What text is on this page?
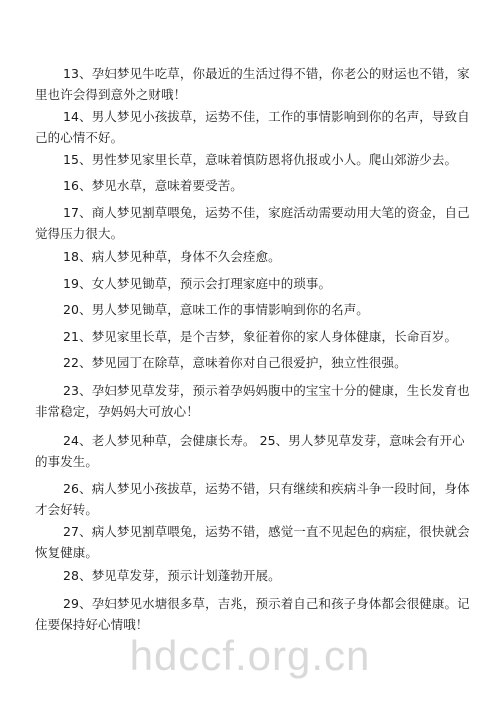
13、孕妇梦见牛吃草，你最近的生活过得不错，你老公的财运也不错，家里也许会得到意外之财哦！

14、男人梦见小孩拔草，运势不佳，工作的事情影响到你的名声，导致自己的心情不好。

15、男性梦见家里长草，意味着慎防恩将仇报或小人。爬山郊游少去。

16、梦见水草，意味着要受苦。

17、商人梦见割草喂兔，运势不佳，家庭活动需要动用大笔的资金，自己觉得压力很大。

18、病人梦见种草，身体不久会痊愈。

19、女人梦见锄草，预示会打理家庭中的琐事。

20、男人梦见锄草，意味工作的事情影响到你的名声。

21、梦见家里长草，是个吉梦，象征着你的家人身体健康，长命百岁。

22、梦见园丁在除草，意味着你对自己很爱护，独立性很强。

23、孕妇梦见草发芽，预示着孕妈妈腹中的宝宝十分的健康，生长发育也非常稳定，孕妈妈大可放心！

24、老人梦见种草，会健康长寿。 25、男人梦见草发芽，意味会有开心的事发生。

26、病人梦见小孩拔草，运势不错，只有继续和疾病斗争一段时间，身体才会好转。

27、病人梦见割草喂兔，运势不错，感觉一直不见起色的病症，很快就会恢复健康。

28、梦见草发芽，预示计划蓬勃开展。

29、孕妇梦见水塘很多草，吉兆，预示着自己和孩子身体都会很健康。记住要保持好心情哦！

hdccf.org.cn
